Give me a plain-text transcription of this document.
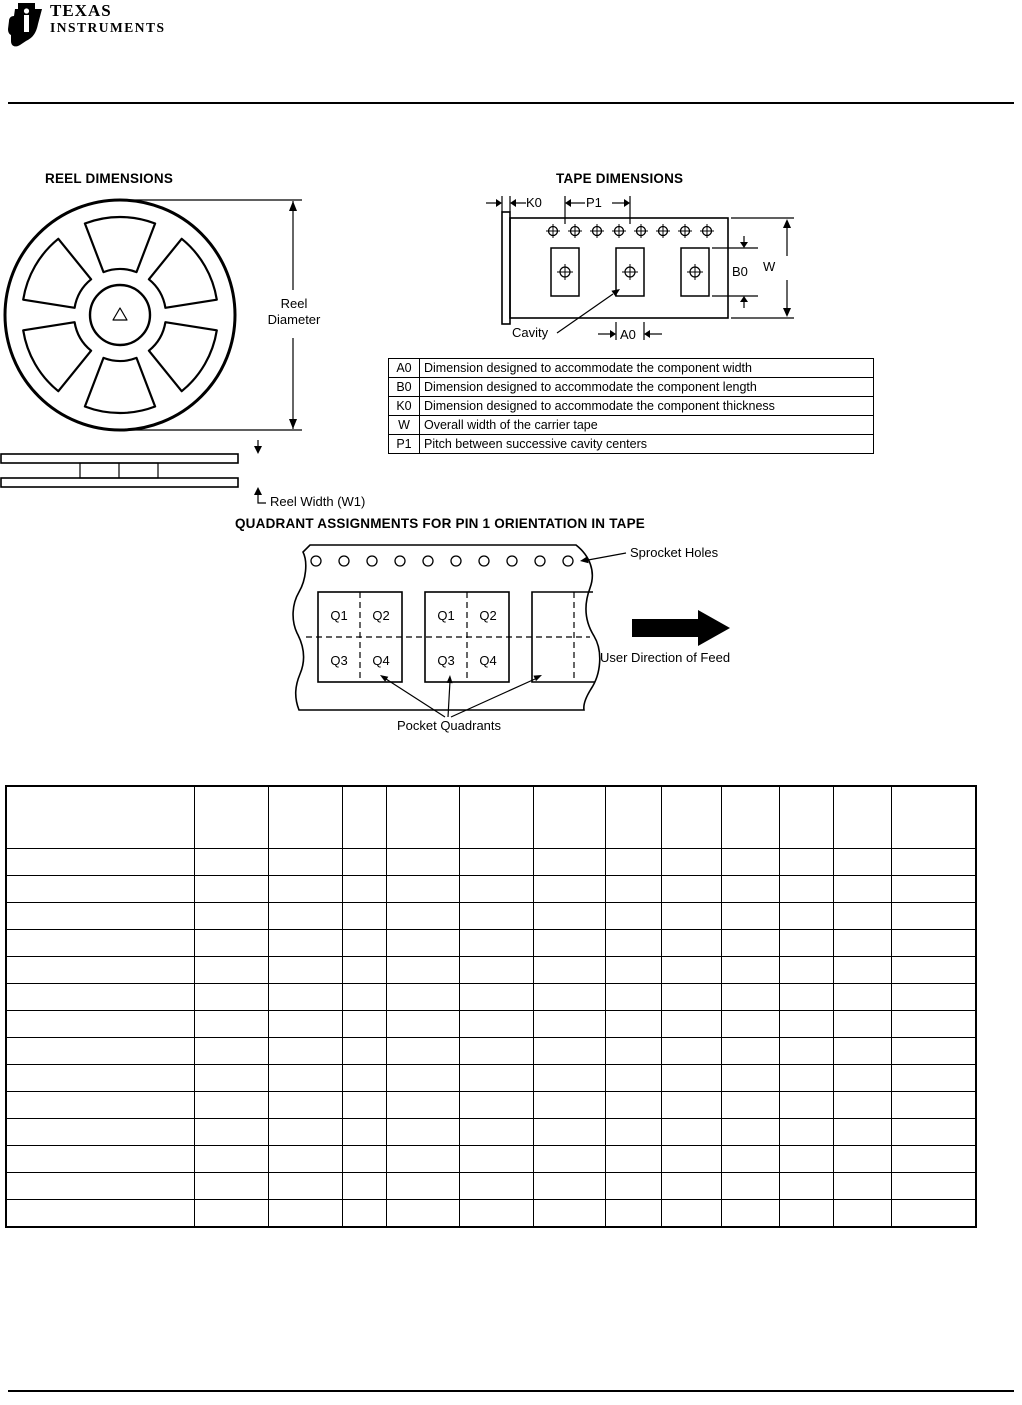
TEXAS
INSTRUMENTS
REEL DIMENSIONS	TAPE DIMENSIONS
Reel
Diameter
Reel Width (W1)
K0	P1
B0 W
Cavity	A0
A0	Dimension designed to accommodate the component width
B0	Dimension designed to accommodate the component length
K0	Dimension designed to accommodate the component thickness
W	Overall width of the carrier tape
P1	Pitch between successive cavity centers
QUADRANT ASSIGNMENTS FOR PIN 1 ORIENTATION IN TAPE
Sprocket Holes
Q1 Q2
Q3 Q4
Q1 Q2
Q3 Q4	User Direction of Feed
Pocket Quadrants
